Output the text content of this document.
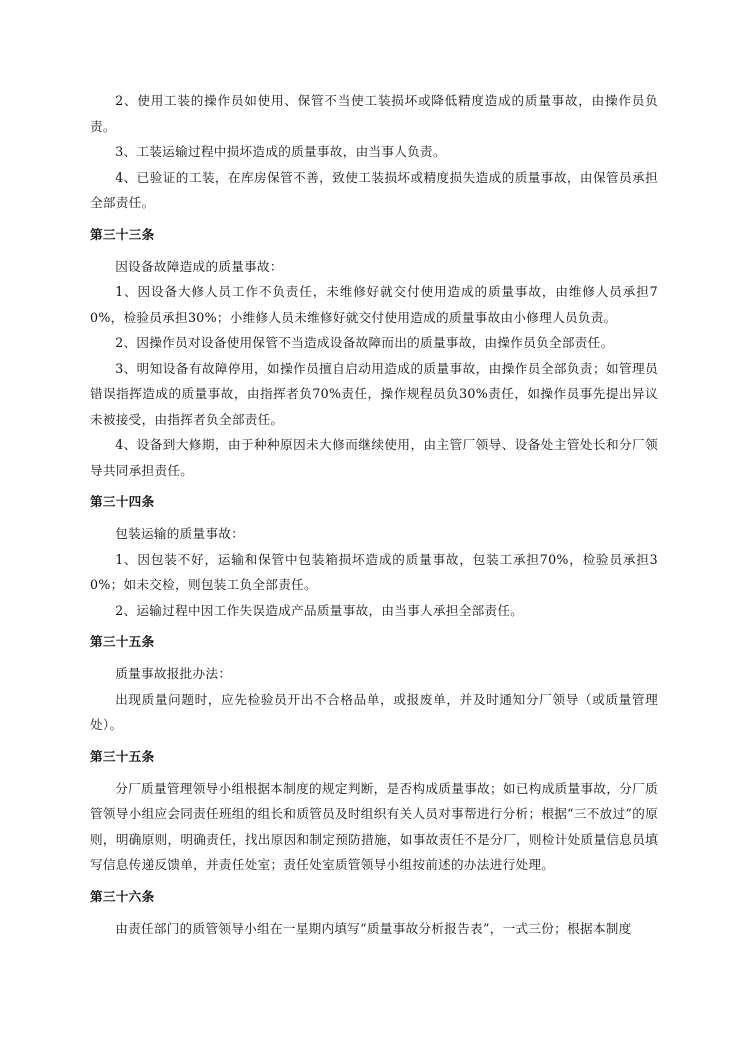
2、使用工装的操作员如使用、保管不当使工装损坏或降低精度造成的质量事故，由操作员负责。

3、工装运输过程中损坏造成的质量事故，由当事人负责。

4、已验证的工装，在库房保管不善，致使工装损坏或精度损失造成的质量事故，由保管员承担全部责任。

第三十三条

因设备故障造成的质量事故：

1、因设备大修人员工作不负责任，未维修好就交付使用造成的质量事故，由维修人员承担70%，检验员承担30%；小维修人员未维修好就交付使用造成的质量事故由小修理人员负责。

2、因操作员对设备使用保管不当造成设备故障而出的质量事故，由操作员负全部责任。

3、明知设备有故障停用，如操作员擅自启动用造成的质量事故，由操作员全部负责；如管理员错误指挥造成的质量事故，由指挥者负70%责任，操作规程员负30%责任，如操作员事先提出异议未被接受，由指挥者负全部责任。

4、设备到大修期，由于种种原因未大修而继续使用，由主管厂领导、设备处主管处长和分厂领导共同承担责任。

第三十四条

包装运输的质量事故：

1、因包装不好，运输和保管中包装箱损坏造成的质量事故，包装工承担70%，检验员承担30%；如未交检，则包装工负全部责任。

2、运输过程中因工作失误造成产品质量事故，由当事人承担全部责任。

第三十五条

质量事故报批办法：

出现质量问题时，应先检验员开出不合格品单，或报废单，并及时通知分厂领导（或质量管理处）。

第三十五条

分厂质量管理领导小组根据本制度的规定判断，是否构成质量事故；如已构成质量事故，分厂质管领导小组应会同责任班组的组长和质管员及时组织有关人员对事帮进行分析；根据“三不放过”的原则，明确原则，明确责任，找出原因和制定预防措施，如事故责任不是分厂，则检计处质量信息员填写信息传递反馈单，并责任处室；责任处室质管领导小组按前述的办法进行处理。

第三十六条

由责任部门的质管领导小组在一星期内填写“质量事故分析报告表”，一式三份；根据本制度
